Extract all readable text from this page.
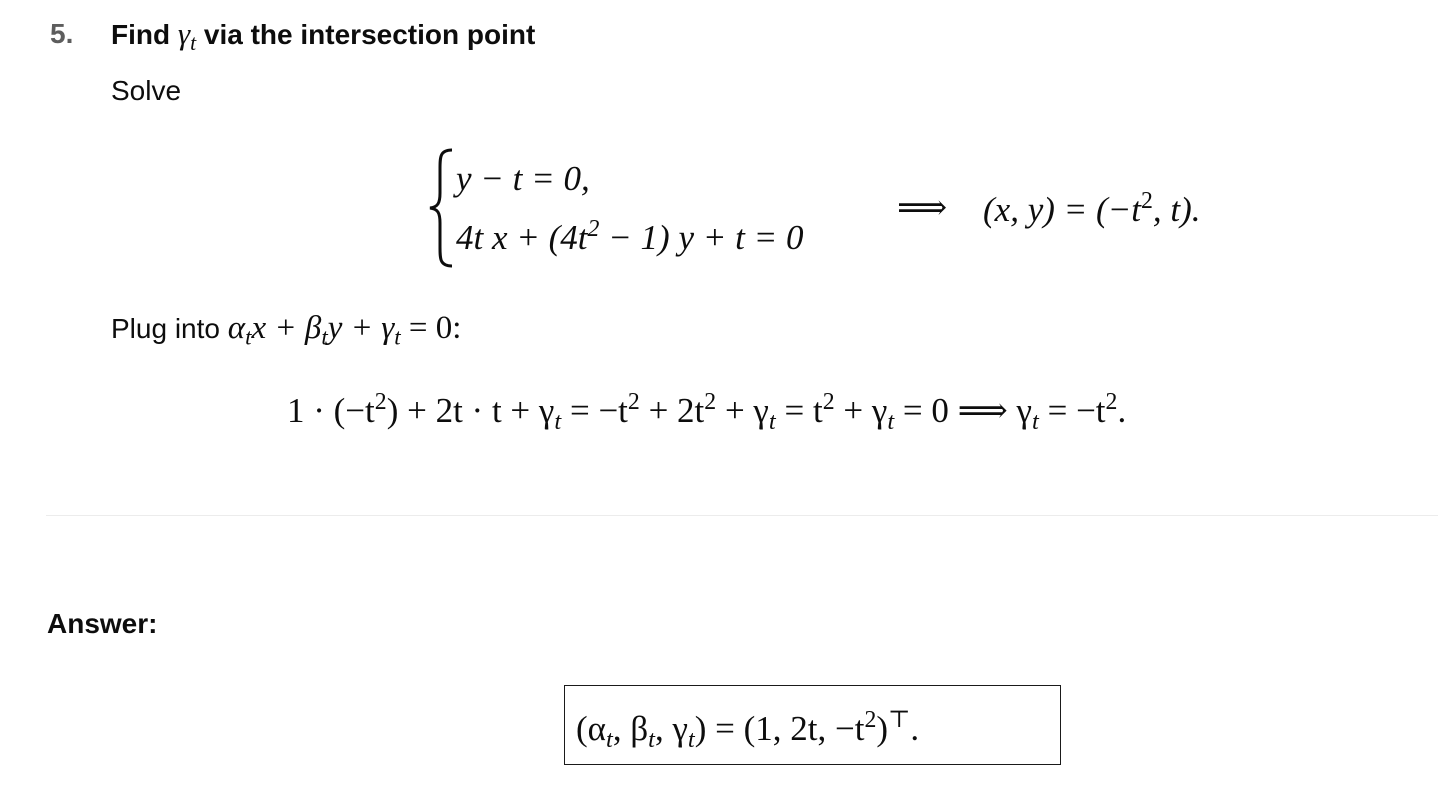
5. Find $\gamma_t$ via the intersection point
Solve
y − t = 0,
4t $x + (4t^2 - 1) y + t = 0$
⟹ (x, $y) = (-t^2$, t).
Plug into $\alpha_tx + \beta_ty + \gamma_t = 0$:
$1 \cdot (-t^2) + 2t \cdot t + \gamma_t = -t^2 + 2t^2 + \gamma_t = t^2 + \gamma_t = 0$ ⟹ $\gamma_t = -t^2$.
Answer:
($\alpha_t$, $\beta_t$, $\gamma_t) = (1$, 2t, $-t^2)^⊤$.
